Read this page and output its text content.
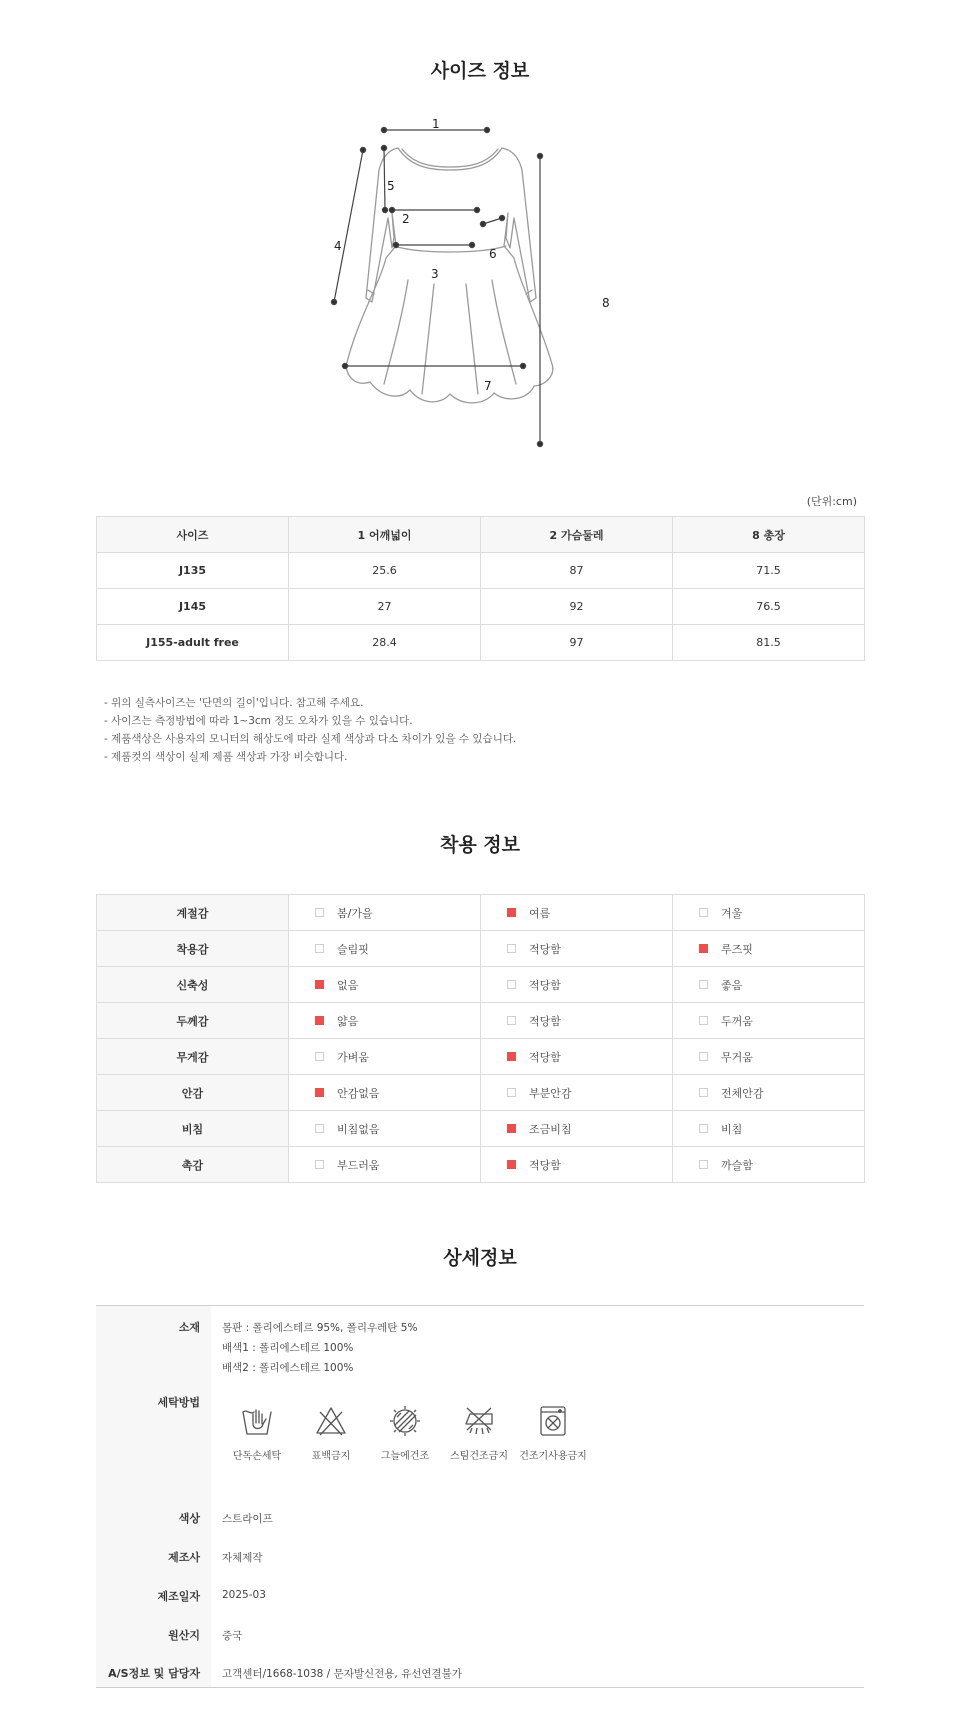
사이즈 정보
1
5
2
3
4
6
7
8
(단위:cm)
사이즈	1 어깨넓이	2 가슴둘레	8 총장
J135	25.6	87	71.5
J145	27	92	76.5
J155-adult free	28.4	97	81.5
- 위의 실측사이즈는 '단면의 길이'입니다. 참고해 주세요.
- 사이즈는 측정방법에 따라 1~3cm 정도 오차가 있을 수 있습니다.
- 제품색상은 사용자의 모니터의 해상도에 따라 실제 색상과 다소 차이가 있을 수 있습니다.
- 제품컷의 색상이 실제 제품 색상과 가장 비슷합니다.
착용 정보
계절감	봄/가을	여름	겨울
착용감	슬림핏	적당함	루즈핏
신축성	없음	적당함	좋음
두께감	얇음	적당함	두꺼움
무게감	가벼움	적당함	무거움
안감	안감없음	부분안감	전체안감
비침	비침없음	조금비침	비침
촉감	부드러움	적당함	까슬함
상세정보
소재 몸판 : 폴리에스테르 95%, 폴리우레탄 5%
배색1 : 폴리에스테르 100%
배색2 : 폴리에스테르 100%
세탁방법
단독손세탁	표백금지	그늘에건조	스팀건조금지	건조기사용금지
색상 스트라이프
제조사 자체제작
제조일자 2025-03
원산지 중국
A/S정보 및 담당자 고객센터/1668-1038 / 문자발신전용, 유선연결불가
